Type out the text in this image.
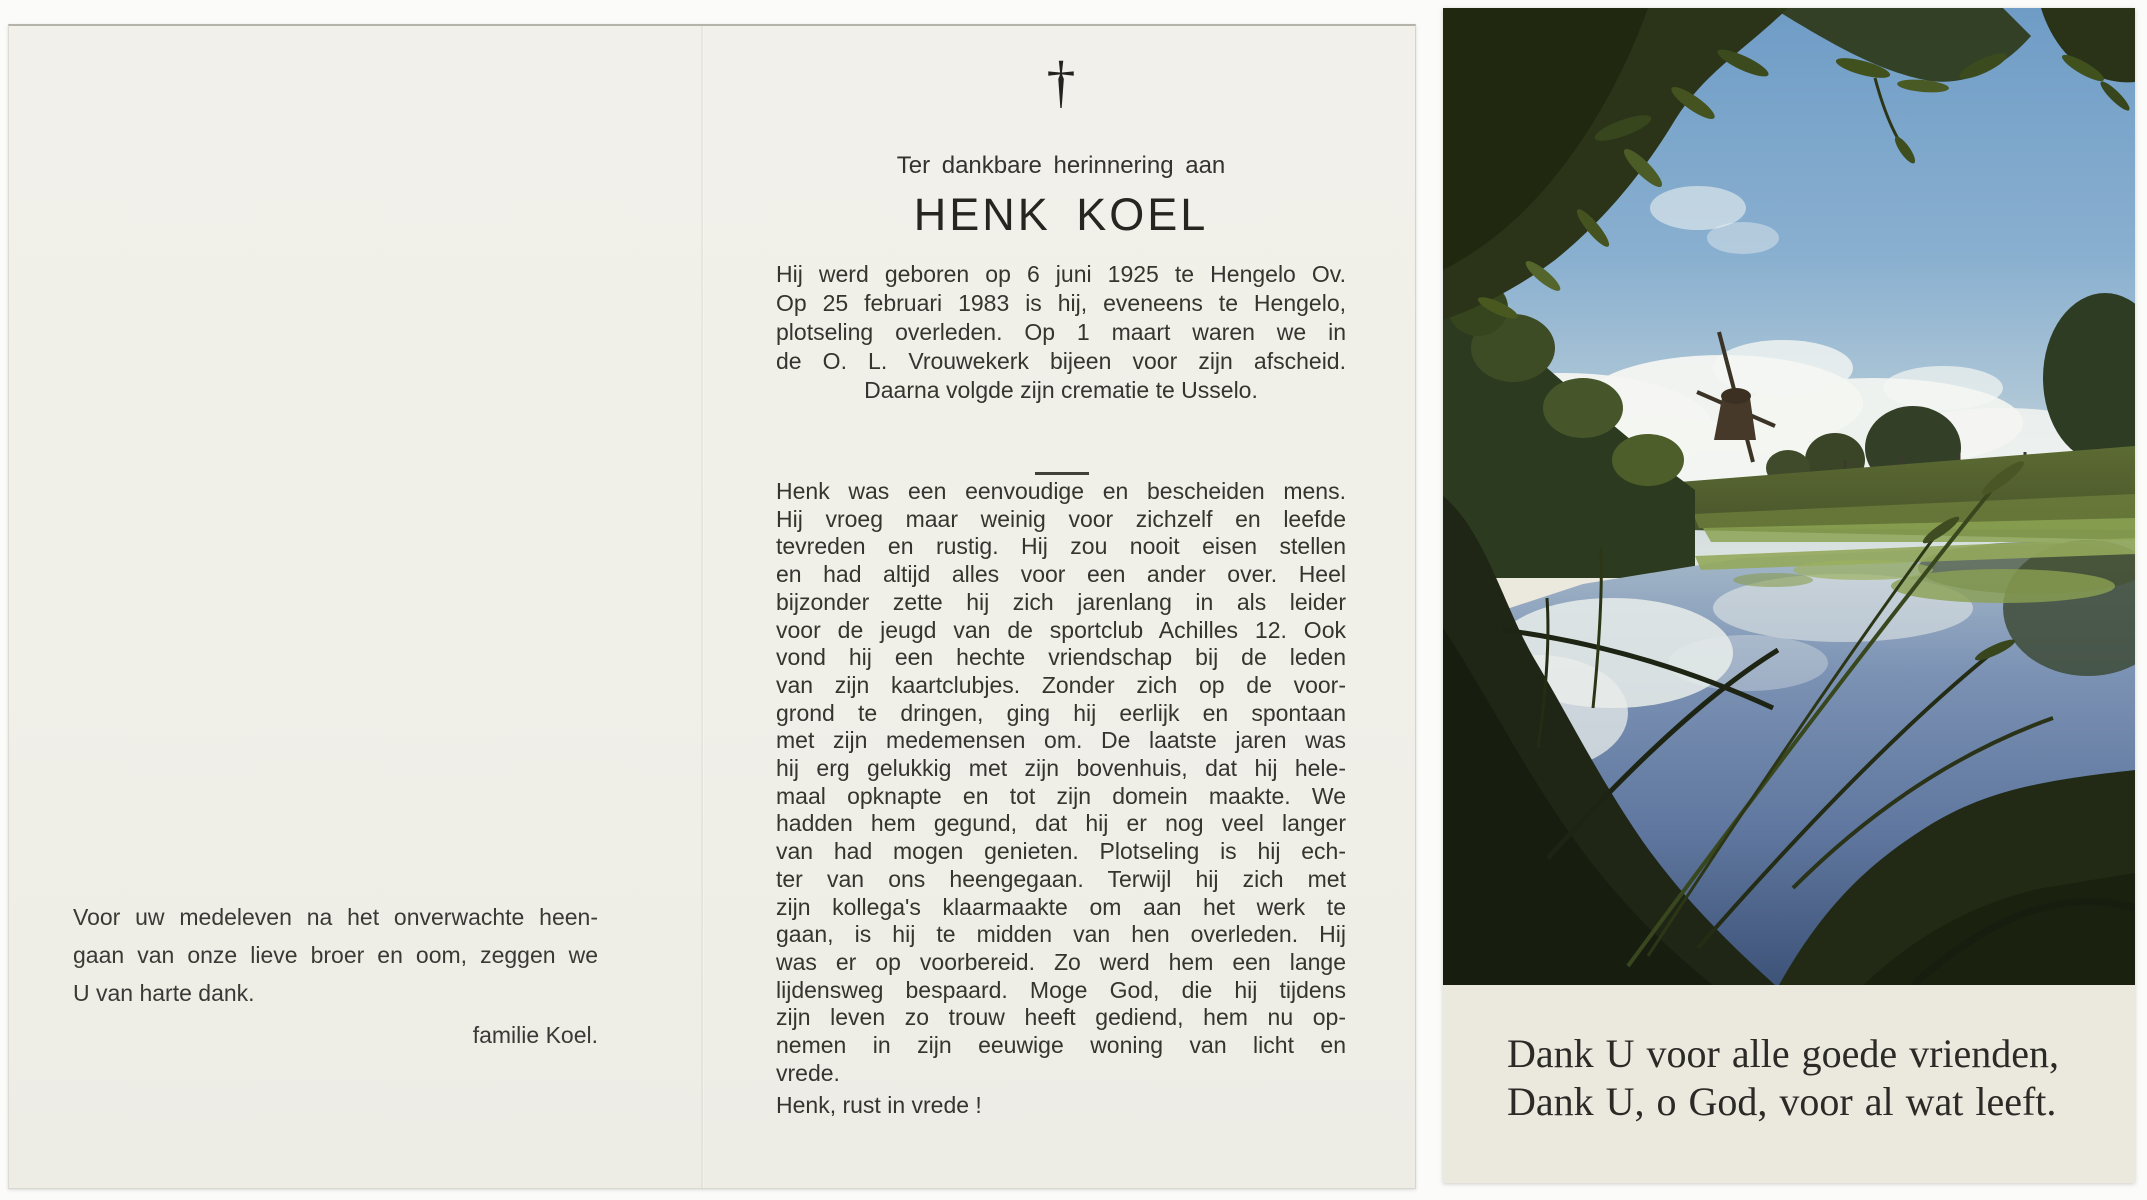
Voor uw medeleven na het onverwachte heen-
gaan van onze lieve broer en oom, zeggen we
U van harte dank.
familie Koel.
†
Ter dankbare herinnering aan
HENK KOEL
Hij werd geboren op 6 juni 1925 te Hengelo Ov.
Op 25 februari 1983 is hij, eveneens te Hengelo,
plotseling overleden. Op 1 maart waren we in
de O. L. Vrouwekerk bijeen voor zijn afscheid.
Daarna volgde zijn crematie te Usselo.
Henk was een eenvoudige en bescheiden mens.
Hij vroeg maar weinig voor zichzelf en leefde
tevreden en rustig. Hij zou nooit eisen stellen
en had altijd alles voor een ander over. Heel
bijzonder zette hij zich jarenlang in als leider
voor de jeugd van de sportclub Achilles 12. Ook
vond hij een hechte vriendschap bij de leden
van zijn kaartclubjes. Zonder zich op de voor-
grond te dringen, ging hij eerlijk en spontaan
met zijn medemensen om. De laatste jaren was
hij erg gelukkig met zijn bovenhuis, dat hij hele-
maal opknapte en tot zijn domein maakte. We
hadden hem gegund, dat hij er nog veel langer
van had mogen genieten. Plotseling is hij ech-
ter van ons heengegaan. Terwijl hij zich met
zijn kollega's klaarmaakte om aan het werk te
gaan, is hij te midden van hen overleden. Hij
was er op voorbereid. Zo werd hem een lange
lijdensweg bespaard. Moge God, die hij tijdens
zijn leven zo trouw heeft gediend, hem nu op-
nemen in zijn eeuwige woning van licht en
vrede.
Henk, rust in vrede !
Dank U voor alle goede vrienden,
Dank U, o God, voor al wat leeft.
